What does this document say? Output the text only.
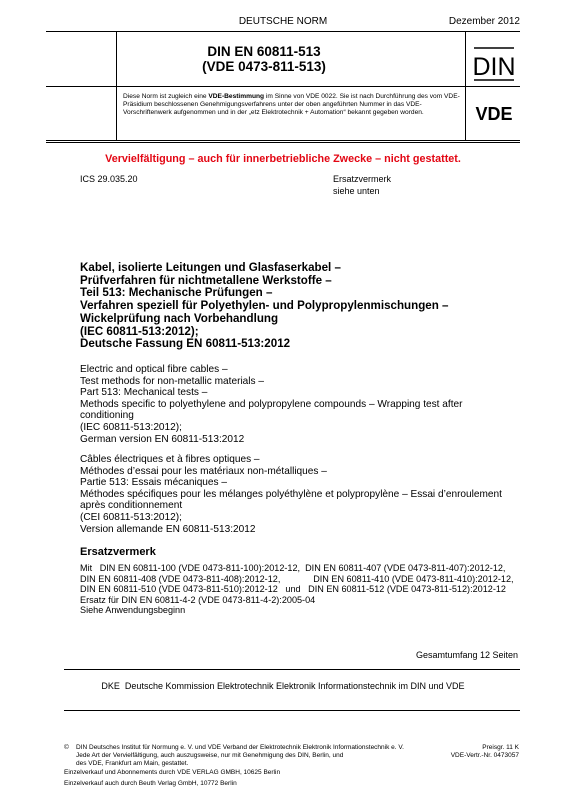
DEUTSCHE NORM	Dezember 2012
DIN EN 60811-513
(VDE 0473-811-513)	DIN
Diese Norm ist zugleich eine VDE-Bestimmung im Sinne von VDE 0022. Sie ist nach Durchführung des vom VDE-Präsidium beschlossenen Genehmigungsverfahrens unter der oben angeführten Nummer in das VDE-Vorschriftenwerk aufgenommen und in der „etz Elektrotechnik + Automation“ bekannt gegeben worden.	VDE
Vervielfältigung – auch für innerbetriebliche Zwecke – nicht gestattet.
ICS 29.035.20	Ersatzvermerk
siehe unten
Kabel, isolierte Leitungen und Glasfaserkabel –
Prüfverfahren für nichtmetallene Werkstoffe –
Teil 513: Mechanische Prüfungen –
Verfahren speziell für Polyethylen- und Polypropylenmischungen –
Wickelprüfung nach Vorbehandlung
(IEC 60811-513:2012);
Deutsche Fassung EN 60811-513:2012
Electric and optical fibre cables –
Test methods for non-metallic materials –
Part 513: Mechanical tests –
Methods specific to polyethylene and polypropylene compounds – Wrapping test after
conditioning
(IEC 60811-513:2012);
German version EN 60811-513:2012
Câbles électriques et à fibres optiques –
Méthodes d’essai pour les matériaux non-métalliques –
Partie 513: Essais mécaniques –
Méthodes spécifiques pour les mélanges polyéthylène et polypropylène – Essai d’enroulement
après conditionnement
(CEI 60811-513:2012);
Version allemande EN 60811-513:2012
Ersatzvermerk
Mit   DIN EN 60811-100 (VDE 0473-811-100):2012-12,  DIN EN 60811-407 (VDE 0473-811-407):2012-12,
DIN EN 60811-408 (VDE 0473-811-408):2012-12,             DIN EN 60811-410 (VDE 0473-811-410):2012-12,
DIN EN 60811-510 (VDE 0473-811-510):2012-12   und   DIN EN 60811-512 (VDE 0473-811-512):2012-12
Ersatz für DIN EN 60811-4-2 (VDE 0473-811-4-2):2005-04
Siehe Anwendungsbeginn
Gesamtumfang 12 Seiten
DKE  Deutsche Kommission Elektrotechnik Elektronik Informationstechnik im DIN und VDE
© DIN Deutsches Institut für Normung e. V. und VDE Verband der Elektrotechnik Elektronik Informationstechnik e. V.
Jede Art der Vervielfältigung, auch auszugsweise, nur mit Genehmigung des DIN, Berlin, und
des VDE, Frankfurt am Main, gestattet.
Preisgr. 11 K
VDE-Vertr.-Nr. 0473057
Einzelverkauf und Abonnements durch VDE VERLAG GMBH, 10625 Berlin
Einzelverkauf auch durch Beuth Verlag GmbH, 10772 Berlin
